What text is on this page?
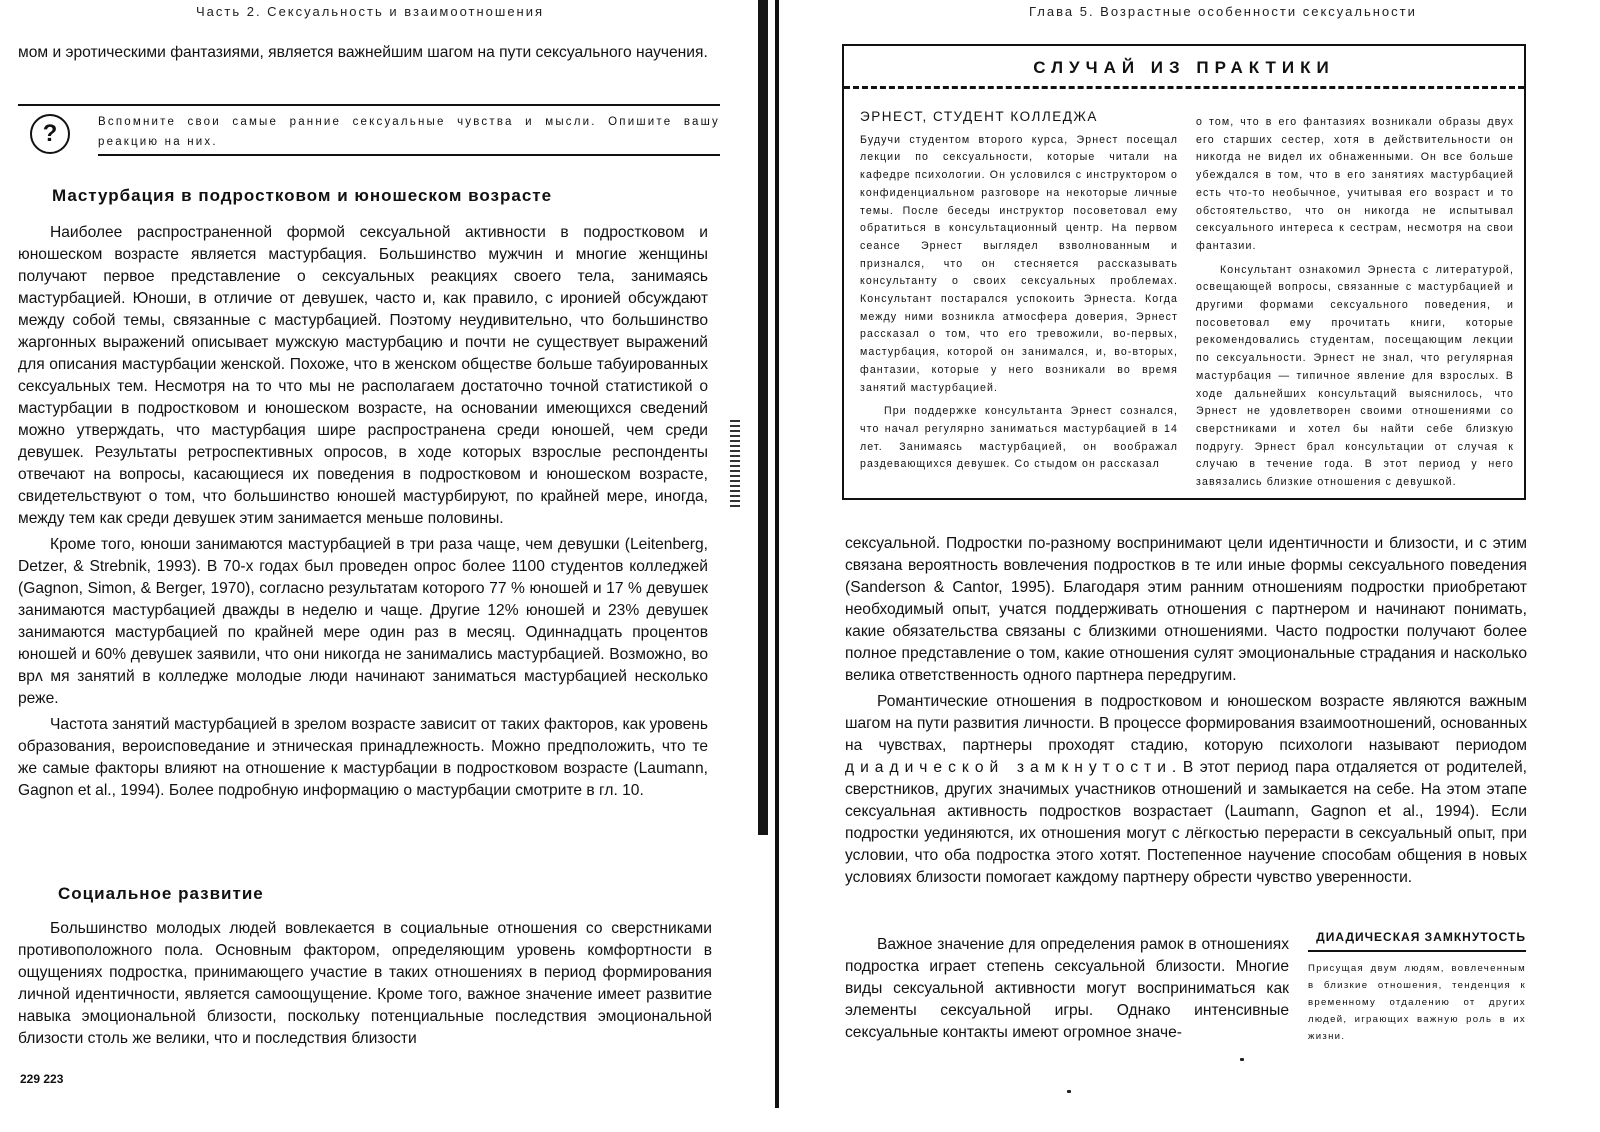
Часть 2. Сексуальность и взаимоотношения

мом и эротическими фантазиями, является важнейшим шагом на пути сексуального научения.

?	Вспомните свои самые ранние сексуальные чувства и мысли. Опишите вашу реакцию на них.
Мастурбация в подростковом и юношеском возрасте

Наиболее распространенной формой сексуальной активности в подростковом и юношеском возрасте является мастурбация. Большинство мужчин и многие женщины получают первое представление о сексуальных реакциях своего тела, занимаясь мастурбацией. Юноши, в отличие от девушек, часто и, как правило, с иронией обсуждают между собой темы, связанные с мастурбацией. Поэтому неудивительно, что большинство жаргонных выражений описывает мужскую мастурбацию и почти не существует выражений для описания мастурбации женской. Похоже, что в женском обществе больше табуированных сексуальных тем. Несмотря на то что мы не располагаем достаточно точной статистикой о мастурбации в подростковом и юношеском возрасте, на основании имеющихся сведений можно утверждать, что мастурбация шире распространена среди юношей, чем среди девушек. Результаты ретроспективных опросов, в ходе которых взрослые респонденты отвечают на вопросы, касающиеся их поведения в подростковом и юношеском возрасте, свидетельствуют о том, что большинство юношей мастурбируют, по крайней мере, иногда, между тем как среди девушек этим занимается меньше половины.

Кроме того, юноши занимаются мастурбацией в три раза чаще, чем девушки (Leitenberg, Detzer, & Strebnik, 1993). В 70-х годах был проведен опрос более 1100 студентов колледжей (Gagnon, Simon, & Berger, 1970), согласно результатам которого 77 % юношей и 17 % девушек занимаются мастурбацией дважды в неделю и чаще. Другие 12% юношей и 23% девушек занимаются мастурбацией по крайней мере один раз в месяц. Одиннадцать процентов юношей и 60% девушек заявили, что они никогда не занимались мастурбацией. Возможно, во врᴧ мя занятий в колледже молодые люди начинают заниматься мастурбацией несколько реже.

Частота занятий мастурбацией в зрелом возрасте зависит от таких факторов, как уровень образования, вероисповедание и этническая принадлежность. Можно предположить, что те же самые факторы влияют на отношение к мастурбации в подростковом возрасте (Laumann, Gagnon et al., 1994). Более подробную информацию о мастурбации смотрите в гл. 10.

Социальное развитие

Большинство молодых людей вовлекается в социальные отношения со сверстниками противоположного пола. Основным фактором, определяющим уровень комфортности в ощущениях подростка, принимающего участие в таких отношениях в период формирования личной идентичности, является самоощущение. Кроме того, важное значение имеет развитие навыка эмоциональной близости, поскольку потенциальные последствия эмоциональной близости столь же велики, что и последствия близости

229 223
Глава 5. Возрастные особенности сексуальности
СЛУЧАЙ ИЗ ПРАКТИКИ

ЭРНЕСТ, СТУДЕНТ КОЛЛЕДЖА

Будучи студентом второго курса, Эрнест посещал лекции по сексуальности, которые читали на кафедре психологии. Он условился с инструктором о конфиденциальном разговоре на некоторые личные темы. После беседы инструктор посоветовал ему обратиться в консультационный центр. На первом сеансе Эрнест выглядел взволнованным и признался, что он стесняется рассказывать консультанту о своих сексуальных проблемах. Консультант постарался успокоить Эрнеста. Когда между ними возникла атмосфера доверия, Эрнест рассказал о том, что его тревожили, во-первых, мастурбация, которой он занимался, и, во-вторых, фантазии, которые у него возникали во время занятий мастурбацией.

При поддержке консультанта Эрнест сознался, что начал регулярно заниматься мастурбацией в 14 лет. Занимаясь мастурбацией, он воображал раздевающихся девушек. Со стыдом он рассказал

о том, что в его фантазиях возникали образы двух его старших сестер, хотя в действительности он никогда не видел их обнаженными. Он все больше убеждался в том, что в его занятиях мастурбацией есть что-то необычное, учитывая его возраст и то обстоятельство, что он никогда не испытывал сексуального интереса к сестрам, несмотря на свои фантазии.

Консультант ознакомил Эрнеста с литературой, освещающей вопросы, связанные с мастурбацией и другими формами сексуального поведения, и посоветовал ему прочитать книги, которые рекомендовались студентам, посещающим лекции по сексуальности. Эрнест не знал, что регулярная мастурбация — типичное явление для взрослых. В ходе дальнейших консультаций выяснилось, что Эрнест не удовлетворен своими отношениями со сверстниками и хотел бы найти себе близкую подругу. Эрнест брал консультации от случая к случаю в течение года. В этот период у него завязались близкие отношения с девушкой.

сексуальной. Подростки по-разному воспринимают цели идентичности и близости, и с этим связана вероятность вовлечения подростков в те или иные формы сексуального поведения (Sanderson & Cantor, 1995). Благодаря этим ранним отношениям подростки приобретают необходимый опыт, учатся поддерживать отношения с партнером и начинают понимать, какие обязательства связаны с близкими отношениями. Часто подростки получают более полное представление о том, какие отношения сулят эмоциональные страдания и насколько велика ответственность одного партнера передругим.

Романтические отношения в подростковом и юношеском возрасте являются важным шагом на пути развития личности. В процессе формирования взаимоотношений, основанных на чувствах, партнеры проходят стадию, которую психологи называют периодом диадической замкнутости. В этот период пара отдаляется от родителей, сверстников, других значимых участников отношений и замыкается на себе. На этом этапе сексуальная активность подростков возрастает (Laumann, Gagnon et al., 1994). Если подростки уединяются, их отношения могут с лёгкостью перерасти в сексуальный опыт, при условии, что оба подростка этого хотят. Постепенное научение способам общения в новых условиях близости помогает каждому партнеру обрести чувство уверенности.

Важное значение для определения рамок в отношениях подростка играет степень сексуальной близости. Многие виды сексуальной активности могут восприниматься как элементы сексуальной игры. Однако интенсивные сексуальные контакты имеют огромное значе-

ДИАДИЧЕСКАЯ ЗАМКНУТОСТЬ

Присущая двум людям, вовлеченным в близкие отношения, тенденция к временному отдалению от других людей, играющих важную роль в их жизни.
